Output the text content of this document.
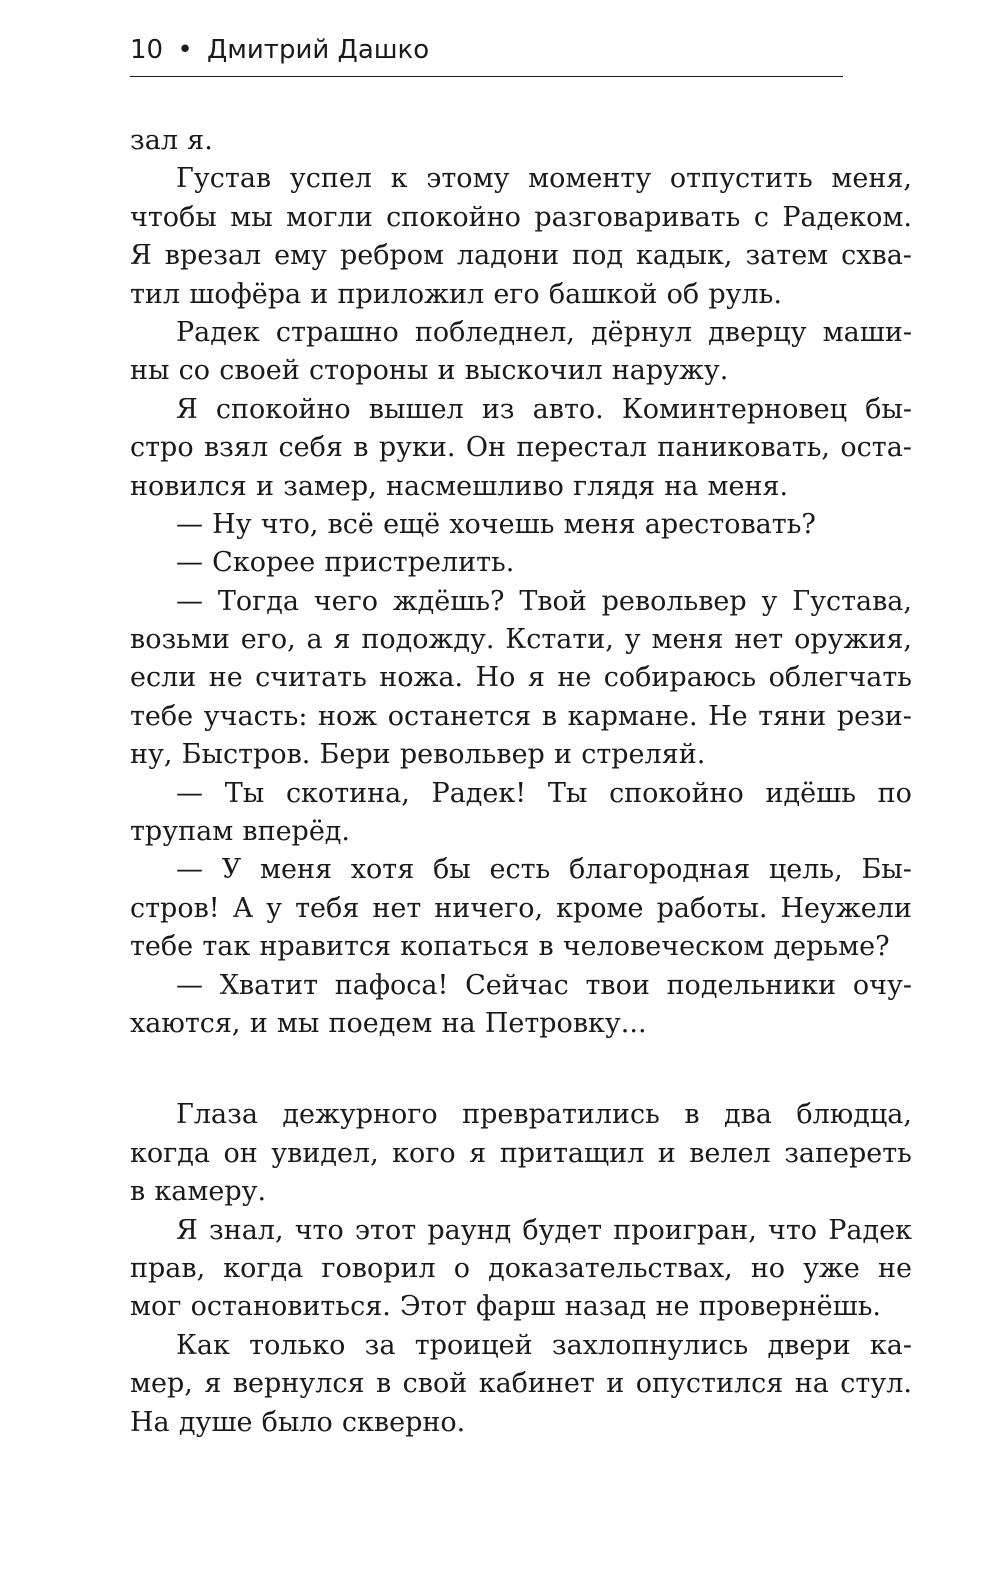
10 • Дмитрий Дашко
зал я.
Густав успел к этому моменту отпустить меня,
чтобы мы могли спокойно разговаривать с Радеком.
Я врезал ему ребром ладони под кадык, затем схва-
тил шофёра и приложил его башкой об руль.
Радек страшно побледнел, дёрнул дверцу маши-
ны со своей стороны и выскочил наружу.
Я спокойно вышел из авто. Коминтерновец бы-
стро взял себя в руки. Он перестал паниковать, оста-
новился и замер, насмешливо глядя на меня.
— Ну что, всё ещё хочешь меня арестовать?
— Скорее пристрелить.
— Тогда чего ждёшь? Твой револьвер у Густава,
возьми его, а я подожду. Кстати, у меня нет оружия,
если не считать ножа. Но я не собираюсь облегчать
тебе участь: нож останется в кармане. Не тяни рези-
ну, Быстров. Бери револьвер и стреляй.
— Ты скотина, Радек! Ты спокойно идёшь по
трупам вперёд.
— У меня хотя бы есть благородная цель, Бы-
стров! А у тебя нет ничего, кроме работы. Неужели
тебе так нравится копаться в человеческом дерьме?
— Хватит пафоса! Сейчас твои подельники очу-
хаются, и мы поедем на Петровку...
Глаза дежурного превратились в два блюдца,
когда он увидел, кого я притащил и велел запереть
в камеру.
Я знал, что этот раунд будет проигран, что Радек
прав, когда говорил о доказательствах, но уже не
мог остановиться. Этот фарш назад не провернёшь.
Как только за троицей захлопнулись двери ка-
мер, я вернулся в свой кабинет и опустился на стул.
На душе было скверно.
